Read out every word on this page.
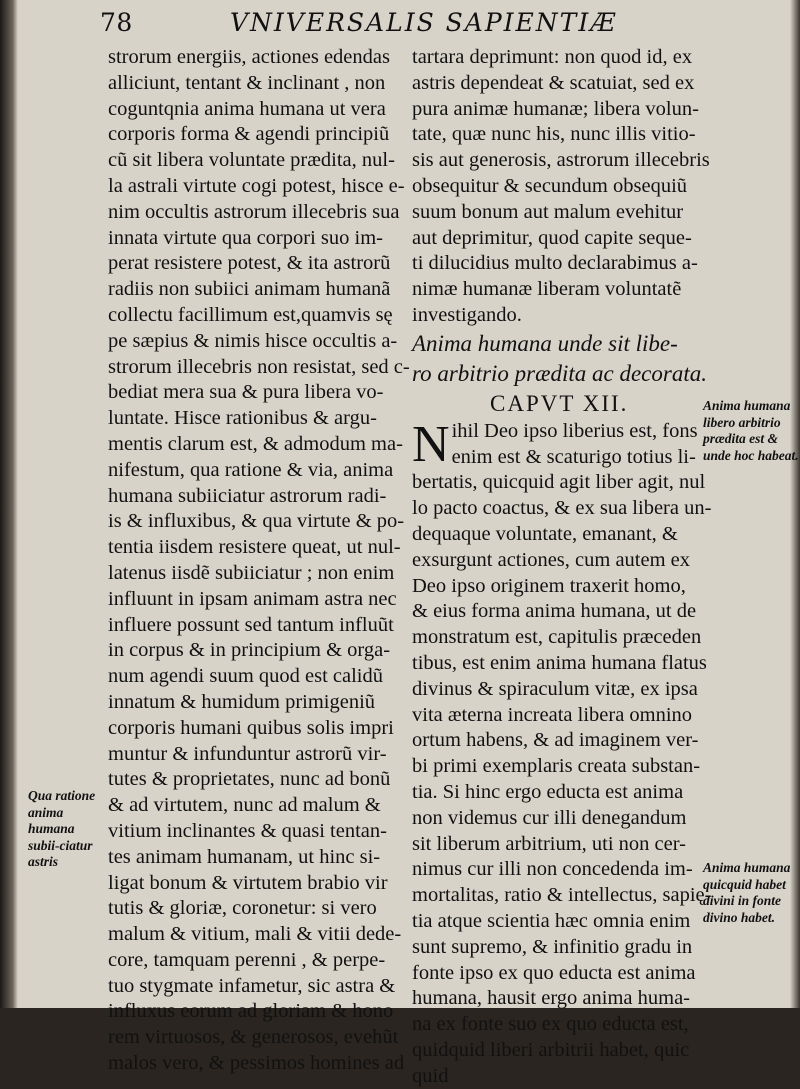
78	VNIVERSALIS SAPIENTIÆ
strorum energiis, actiones edendas
alliciunt, tentant & inclinant , non
coguntqnia anima humana ut vera
corporis forma & agendi principiũ
cũ sit libera voluntate prædita, nul-
la astrali virtute cogi potest, hisce e-
nim occultis astrorum illecebris sua
innata virtute qua corpori suo im-
perat resistere potest, & ita astrorũ
radiis non subiici animam humanã
collectu facillimum est,quamvis sę
pe sæpius & nimis hisce occultis a-
strorum illecebris non resistat, sed c-
bediat mera sua & pura libera vo-
luntate. Hisce rationibus & argu-
mentis clarum est, & admodum ma-
nifestum, qua ratione & via, anima
humana subiiciatur astrorum radi-
is & influxibus, & qua virtute & po-
tentia iisdem resistere queat, ut nul-
latenus iisdẽ subiiciatur ; non enim
influunt in ipsam animam astra nec
influere possunt sed tantum influũt
in corpus & in principium & orga-
num agendi suum quod est calidũ
innatum & humidum primigeniũ
corporis humani quibus solis impri
muntur & infunduntur astrorũ vir-
tutes & proprietates, nunc ad bonũ
& ad virtutem, nunc ad malum &
vitium inclinantes & quasi tentan-
tes animam humanam, ut hinc si-
ligat bonum & virtutem brabio vir
tutis & gloriæ, coronetur: si vero
malum & vitium, mali & vitii dede-
core, tamquam perenni , & perpe-
tuo stygmate infametur, sic astra &
influxus eorum ad gloriam & hono
rem virtuosos, & generosos, evehũt
malos vero, & pessimos homines ad
tartara deprimunt: non quod id, ex
astris dependeat & scatuiat, sed ex
pura animæ humanæ; libera volun-
tate, quæ nunc his, nunc illis vitio-
sis aut generosis, astrorum illecebris
obsequitur & secundum obsequiũ
suum bonum aut malum evehitur
aut deprimitur, quod capite seque-
ti dilucidius multo declarabimus a-
nimæ humanæ liberam voluntatẽ
investigando.
Anima humana unde sit libe-
ro arbitrio prædita ac decorata.
CAPVT XII.
N ihil Deo ipso liberius est, fons
enim est & scaturigo totius li-
bertatis, quicquid agit liber agit, nul
lo pacto coactus, & ex sua libera un-
dequaque voluntate, emanant, &
exsurgunt actiones, cum autem ex
Deo ipso originem traxerit homo,
& eius forma anima humana, ut de
monstratum est, capitulis præceden
tibus, est enim anima humana flatus
divinus & spiraculum vitæ, ex ipsa
vita æterna increata libera omnino
ortum habens, & ad imaginem ver-
bi primi exemplaris creata substan-
tia. Si hinc ergo educta est anima
non videmus cur illi denegandum
sit liberum arbitrium, uti non cer-
nimus cur illi non concedenda im-
mortalitas, ratio & intellectus, sapię-
tia atque scientia hæc omnia enim
sunt supremo, & infinitio gradu in
fonte ipso ex quo educta est anima
humana, hausit ergo anima huma-
na ex fonte suo ex quo educta est,
quidquid liberi arbitrii habet, quic
quid
Qua ratione anima humana subii-ciatur astris
Anima humana libero arbitrio prædita est & unde hoc habeat.
Anima humana quicquid habet divini in fonte divino habet.
